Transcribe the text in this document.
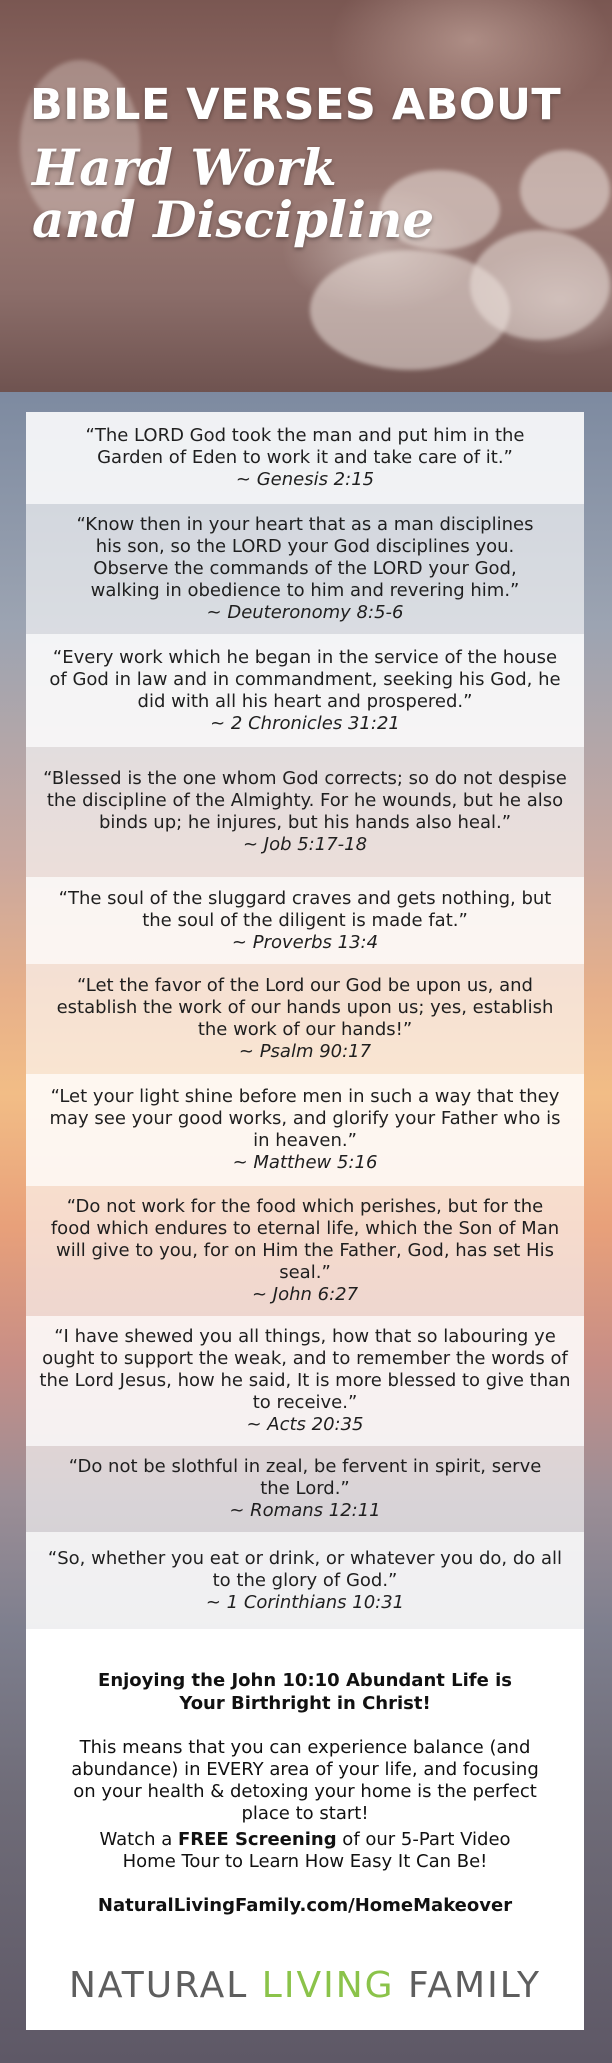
BIBLE VERSES ABOUT
Hard Work
and Discipline
“The LORD God took the man and put him in the Garden of Eden to work it and take care of it.”
~ Genesis 2:15
“Know then in your heart that as a man disciplines his son, so the LORD your God disciplines you. Observe the commands of the LORD your God, walking in obedience to him and revering him.”
~ Deuteronomy 8:5-6
“Every work which he began in the service of the house of God in law and in commandment, seeking his God, he did with all his heart and prospered.”
~ 2 Chronicles 31:21
“Blessed is the one whom God corrects; so do not despise the discipline of the Almighty. For he wounds, but he also binds up; he injures, but his hands also heal.”
~ Job 5:17-18
“The soul of the sluggard craves and gets nothing, but the soul of the diligent is made fat.”
~ Proverbs 13:4
“Let the favor of the Lord our God be upon us, and establish the work of our hands upon us; yes, establish the work of our hands!”
~ Psalm 90:17
“Let your light shine before men in such a way that they may see your good works, and glorify your Father who is in heaven.”
~ Matthew 5:16
“Do not work for the food which perishes, but for the food which endures to eternal life, which the Son of Man will give to you, for on Him the Father, God, has set His seal.”
~ John 6:27
“I have shewed you all things, how that so labouring ye ought to support the weak, and to remember the words of the Lord Jesus, how he said, It is more blessed to give than to receive.”
~ Acts 20:35
“Do not be slothful in zeal, be fervent in spirit, serve the Lord.”
~ Romans 12:11
“So, whether you eat or drink, or whatever you do, do all to the glory of God.”
~ 1 Corinthians 10:31
Enjoying the John 10:10 Abundant Life is Your Birthright in Christ!
This means that you can experience balance (and abundance) in EVERY area of your life, and focusing on your health & detoxing your home is the perfect place to start!
Watch a FREE Screening of our 5-Part Video Home Tour to Learn How Easy It Can Be!
NaturalLivingFamily.com/HomeMakeover
NATURAL LIVING FAMILY
